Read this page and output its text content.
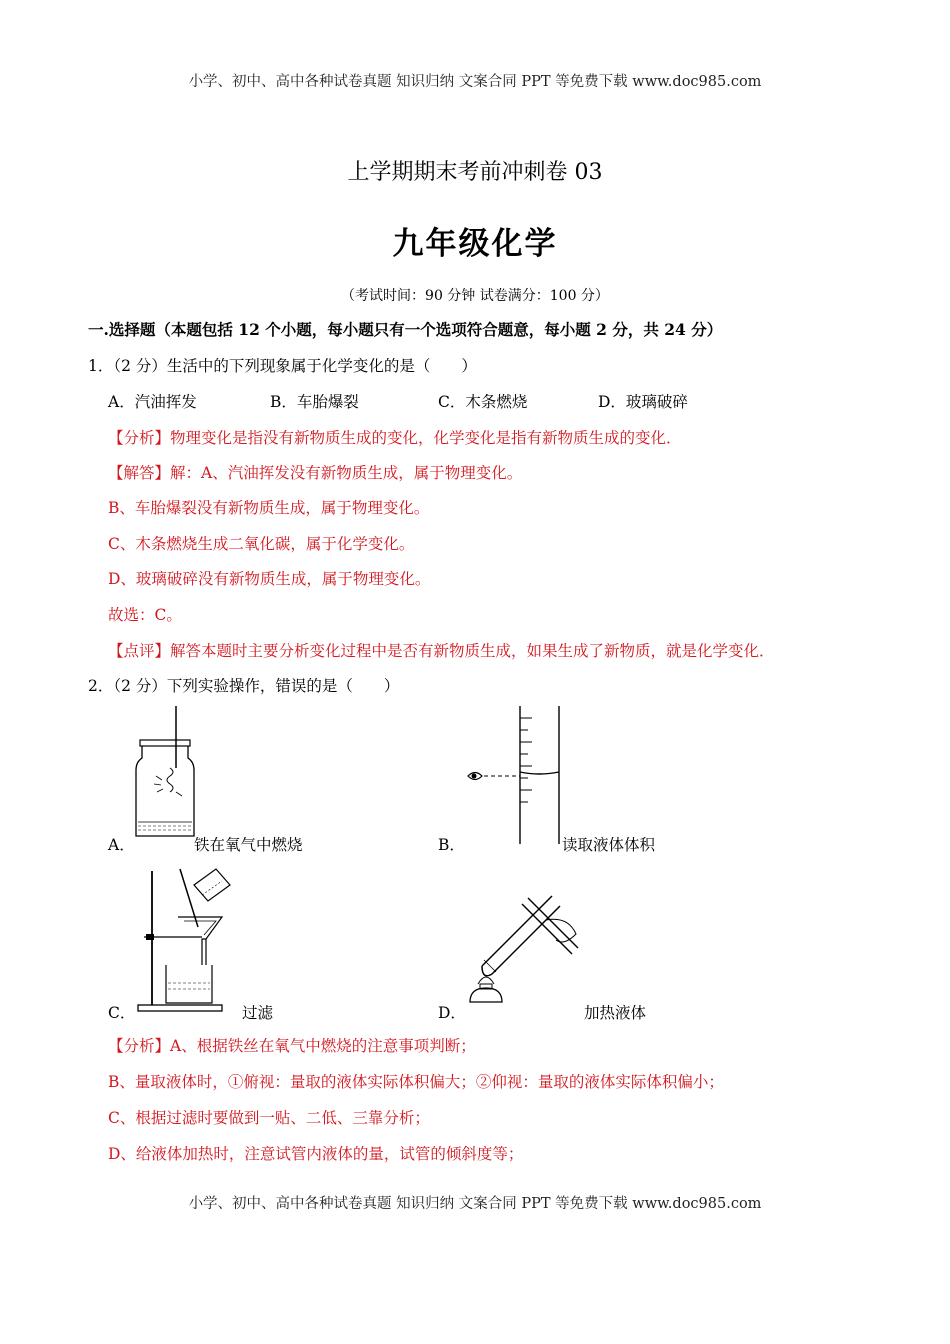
小学、初中、高中各种试卷真题 知识归纳 文案合同 PPT 等免费下载 www.doc985.com
上学期期末考前冲刺卷 03
九年级化学
（考试时间：90 分钟 试卷满分：100 分）
一.选择题（本题包括 12 个小题，每小题只有一个选项符合题意，每小题 2 分，共 24 分）
1．（2 分）生活中的下列现象属于化学变化的是（　　）
A．汽油挥发	B．车胎爆裂	C．木条燃烧	D．玻璃破碎
【分析】物理变化是指没有新物质生成的变化，化学变化是指有新物质生成的变化．
【解答】解：A、汽油挥发没有新物质生成，属于物理变化。
B、车胎爆裂没有新物质生成，属于物理变化。
C、木条燃烧生成二氧化碳，属于化学变化。
D、玻璃破碎没有新物质生成，属于物理变化。
故选：C。
【点评】解答本题时主要分析变化过程中是否有新物质生成，如果生成了新物质，就是化学变化．
2．（2 分）下列实验操作，错误的是（　　）
A．	铁在氧气中燃烧	B．	读取液体体积
C．	过滤	D．	加热液体
【分析】A、根据铁丝在氧气中燃烧的注意事项判断；
B、量取液体时，①俯视：量取的液体实际体积偏大；②仰视：量取的液体实际体积偏小；
C、根据过滤时要做到一贴、二低、三靠分析；
D、给液体加热时，注意试管内液体的量，试管的倾斜度等；
小学、初中、高中各种试卷真题 知识归纳 文案合同 PPT 等免费下载 www.doc985.com
